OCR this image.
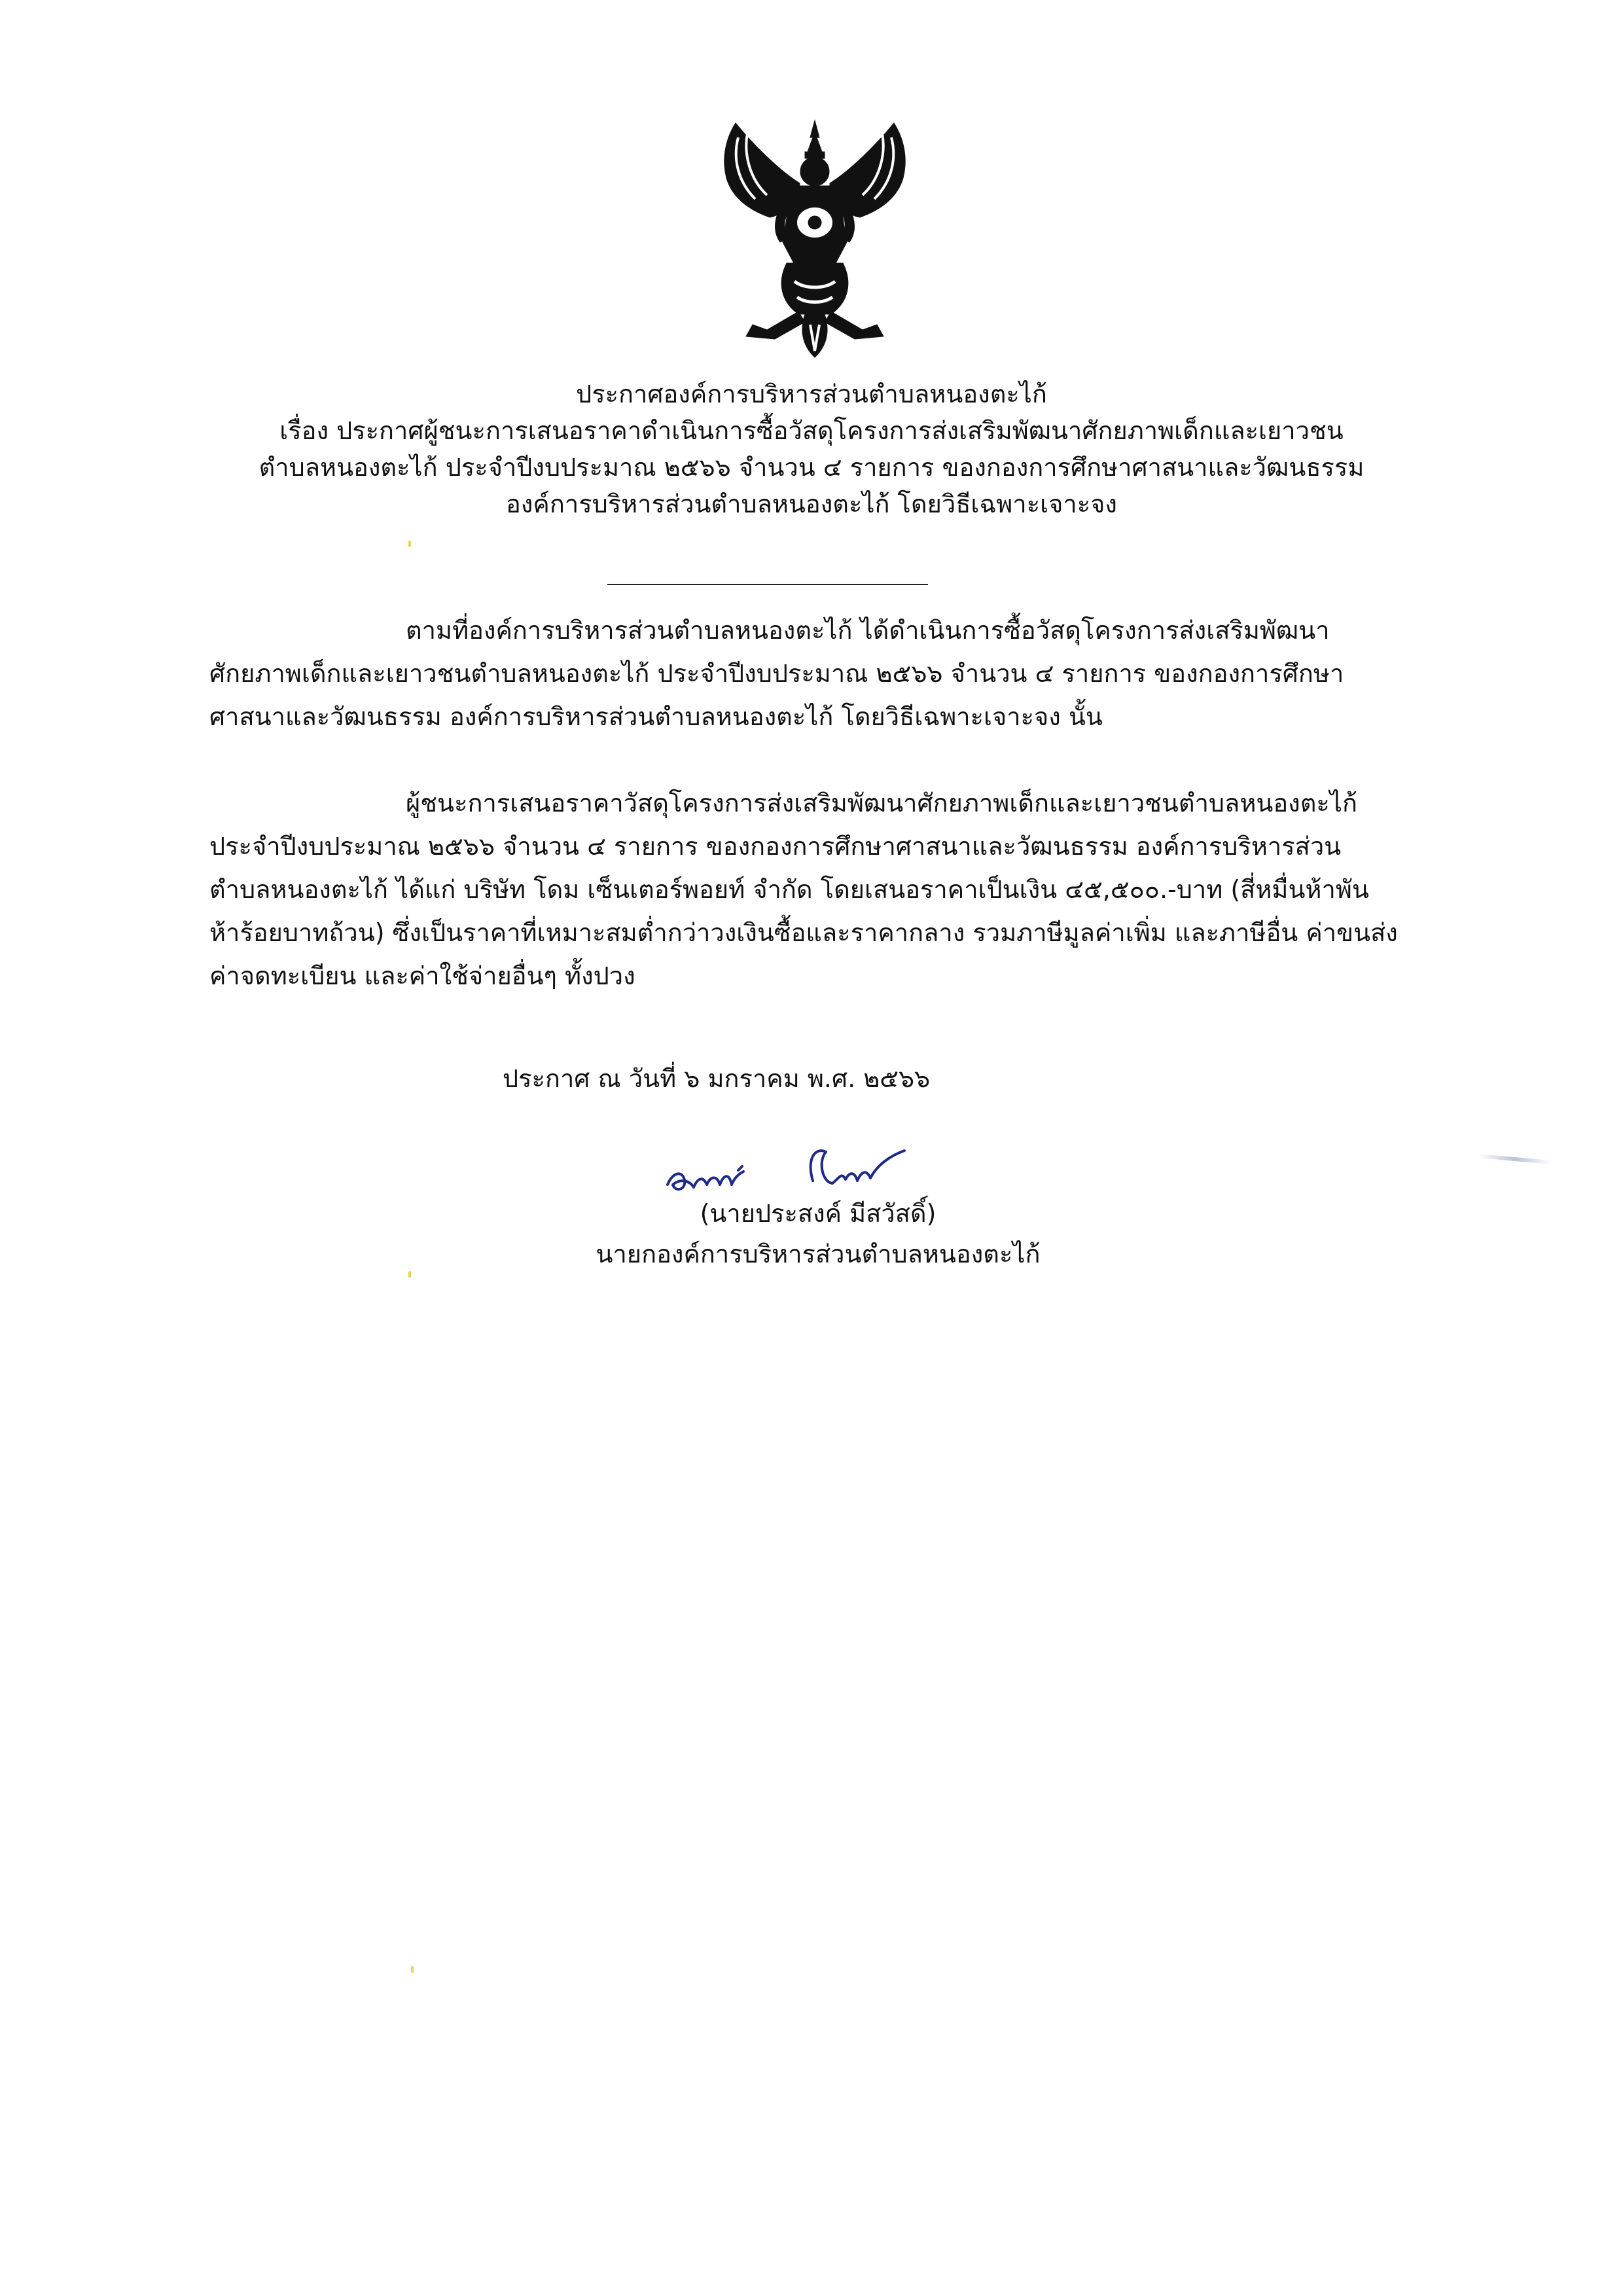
ประกาศองค์การบริหารส่วนตำบลหนองตะไก้
เรื่อง ประกาศผู้ชนะการเสนอราคาดำเนินการซื้อวัสดุโครงการส่งเสริมพัฒนาศักยภาพเด็กและเยาวชน
ตำบลหนองตะไก้ ประจำปีงบประมาณ ๒๕๖๖ จำนวน ๔ รายการ ของกองการศึกษาศาสนาและวัฒนธรรม
องค์การบริหารส่วนตำบลหนองตะไก้ โดยวิธีเฉพาะเจาะจง
ตามที่องค์การบริหารส่วนตำบลหนองตะไก้ ได้ดำเนินการซื้อวัสดุโครงการส่งเสริมพัฒนา
ศักยภาพเด็กและเยาวชนตำบลหนองตะไก้ ประจำปีงบประมาณ ๒๕๖๖ จำนวน ๔ รายการ ของกองการศึกษา
ศาสนาและวัฒนธรรม องค์การบริหารส่วนตำบลหนองตะไก้ โดยวิธีเฉพาะเจาะจง นั้น
ผู้ชนะการเสนอราคาวัสดุโครงการส่งเสริมพัฒนาศักยภาพเด็กและเยาวชนตำบลหนองตะไก้
ประจำปีงบประมาณ ๒๕๖๖ จำนวน ๔ รายการ ของกองการศึกษาศาสนาและวัฒนธรรม องค์การบริหารส่วน
ตำบลหนองตะไก้ ได้แก่ บริษัท โดม เซ็นเตอร์พอยท์ จำกัด โดยเสนอราคาเป็นเงิน ๔๕,๕๐๐.-บาท (สี่หมื่นห้าพัน
ห้าร้อยบาทถ้วน) ซึ่งเป็นราคาที่เหมาะสมต่ำกว่าวงเงินซื้อและราคากลาง รวมภาษีมูลค่าเพิ่ม และภาษีอื่น ค่าขนส่ง
ค่าจดทะเบียน และค่าใช้จ่ายอื่นๆ ทั้งปวง
ประกาศ ณ วันที่ ๖ มกราคม พ.ศ. ๒๕๖๖
(นายประสงค์ มีสวัสดิ์)
นายกองค์การบริหารส่วนตำบลหนองตะไก้
